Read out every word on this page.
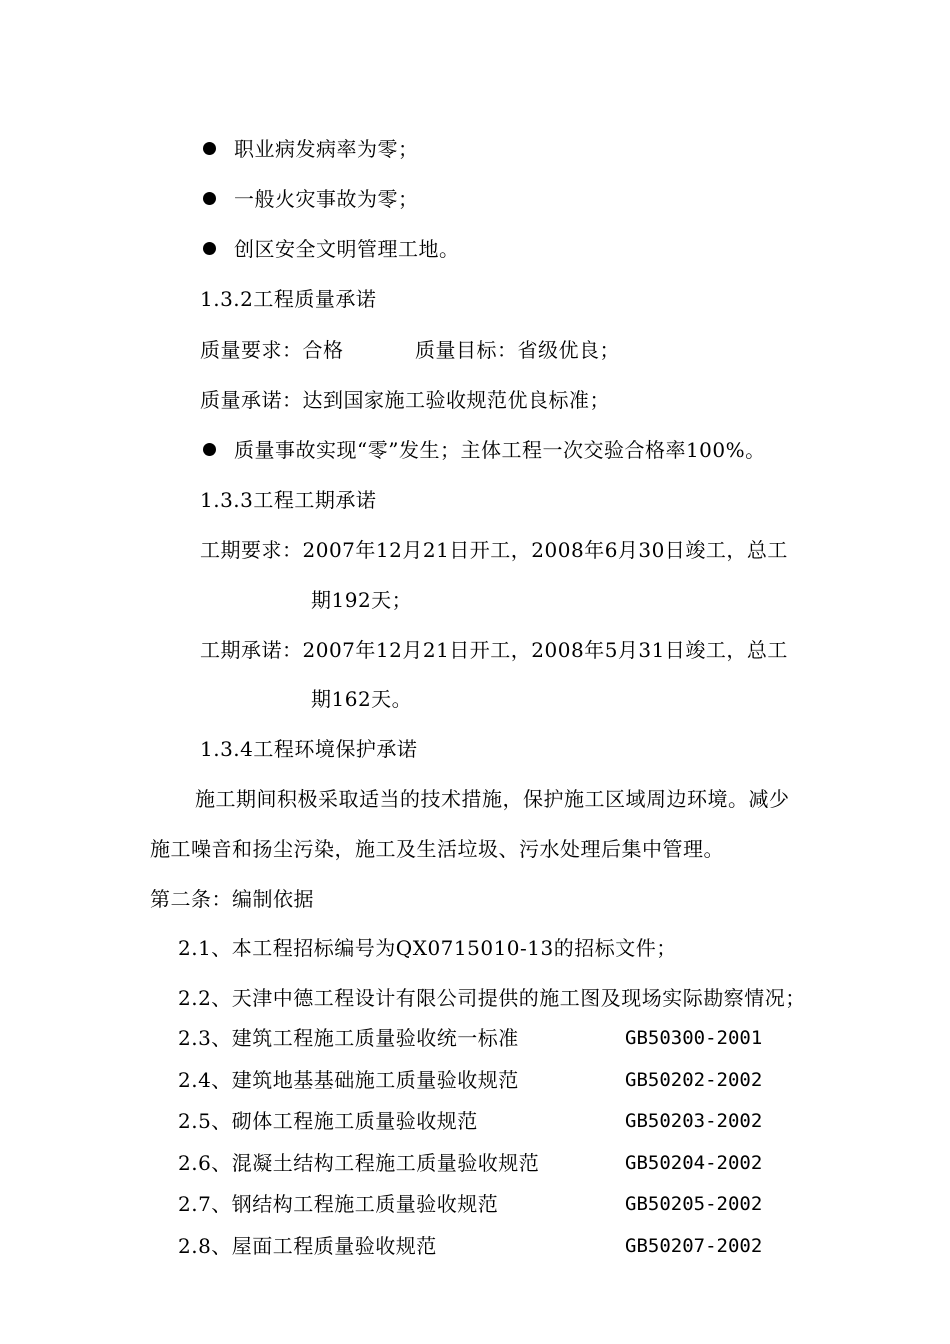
职业病发病率为零；
一般火灾事故为零；
创区安全文明管理工地。
1.3.2工程质量承诺
质量要求：合格	质量目标：省级优良；
质量承诺：达到国家施工验收规范优良标准；
质量事故实现“零”发生；主体工程一次交验合格率100%。
1.3.3工程工期承诺
工期要求：2007年12月21日开工，2008年6月30日竣工，总工
期192天；
工期承诺：2007年12月21日开工，2008年5月31日竣工，总工
期162天。
1.3.4工程环境保护承诺
施工期间积极采取适当的技术措施，保护施工区域周边环境。减少
施工噪音和扬尘污染，施工及生活垃圾、污水处理后集中管理。
第二条：编制依据
2.1、本工程招标编号为QX0715010-13的招标文件；
2.2、天津中德工程设计有限公司提供的施工图及现场实际勘察情况；
2.3、建筑工程施工质量验收统一标准	GB50300-2001
2.4、建筑地基基础施工质量验收规范	GB50202-2002
2.5、砌体工程施工质量验收规范	GB50203-2002
2.6、混凝土结构工程施工质量验收规范	GB50204-2002
2.7、钢结构工程施工质量验收规范	GB50205-2002
2.8、屋面工程质量验收规范	GB50207-2002
